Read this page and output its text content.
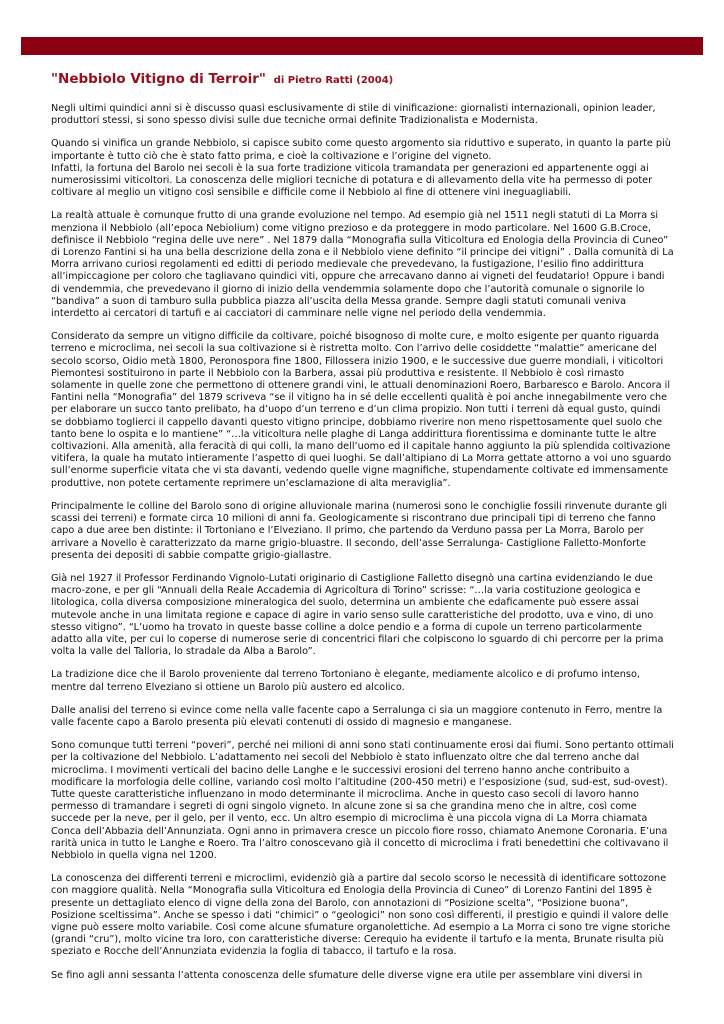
"Nebbiolo Vitigno di Terroir" di Pietro Ratti (2004)

Negli ultimi quindici anni si è discusso quasi esclusivamente di stile di vinificazione: giornalisti internazionali, opinion leader, produttori stessi, si sono spesso divisi sulle due tecniche ormai definite Tradizionalista e Modernista.

Quando si vinifica un grande Nebbiolo, si capisce subito come questo argomento sia riduttivo e superato, in quanto la parte più importante è tutto ciò che è stato fatto prima, e cioè la coltivazione e l’origine del vigneto.
Infatti, la fortuna del Barolo nei secoli è la sua forte tradizione viticola tramandata per generazioni ed appartenente oggi ai numerosissimi viticoltori. La conoscenza delle migliori tecniche di potatura e di allevamento della vite ha permesso di poter coltivare al meglio un vitigno così sensibile e difficile come il Nebbiolo al fine di ottenere vini ineguagliabili.

La realtà attuale è comunque frutto di una grande evoluzione nel tempo. Ad esempio già nel 1511 negli statuti di La Morra si menziona il Nebbiolo (all’epoca Nebiolium) come vitigno prezioso e da proteggere in modo particolare. Nel 1600 G.B.Croce, definisce il Nebbiolo “regina delle uve nere” . Nel 1879 dalla “Monografia sulla Viticoltura ed Enologia della Provincia di Cuneo” di Lorenzo Fantini si ha una bella descrizione della zona e il Nebbiolo viene definito “il principe dei vitigni” . Dalla comunità di La Morra arrivano curiosi regolamenti ed editti di periodo medievale che prevedevano, la fustigazione, l’esilio fino addirittura all’impiccagione per coloro che tagliavano quindici viti, oppure che arrecavano danno ai vigneti del feudatario! Oppure i bandi di vendemmia, che prevedevano il giorno di inizio della vendemmia solamente dopo che l’autorità comunale o signorile lo “bandiva” a suon di tamburo sulla pubblica piazza all’uscita della Messa grande. Sempre dagli statuti comunali veniva interdetto ai cercatori di tartufi e ai cacciatori di camminare nelle vigne nel periodo della vendemmia.

Considerato da sempre un vitigno difficile da coltivare, poiché bisognoso di molte cure, e molto esigente per quanto riguarda terreno e microclima, nei secoli la sua coltivazione si è ristretta molto. Con l’arrivo delle cosiddette “malattie” americane del secolo scorso, Oidio metà 1800, Peronospora fine 1800, Fillossera inizio 1900, e le successive due guerre mondiali, i viticoltori Piemontesi sostituirono in parte il Nebbiolo con la Barbera, assai più produttiva e resistente. Il Nebbiolo è così rimasto solamente in quelle zone che permettono di ottenere grandi vini, le attuali denominazioni Roero, Barbaresco e Barolo. Ancora il Fantini nella “Monografia” del 1879 scriveva “se il vitigno ha in sé delle eccellenti qualità è poi anche innegabilmente vero che per elaborare un succo tanto prelibato, ha d’uopo d’un terreno e d’un clima propizio. Non tutti i terreni dà equal gusto, quindi se dobbiamo toglierci il cappello davanti questo vitigno principe, dobbiamo riverire non meno rispettosamente quel suolo che tanto bene lo ospita e lo mantiene” “…la viticoltura nelle plaghe di Langa addirittura fiorentissima e dominante tutte le altre coltivazioni. Alla amenità, alla feracità di qui colli, la mano dell’uomo ed il capitale hanno aggiunto la più splendida coltivazione vitifera, la quale ha mutato intieramente l’aspetto di quei luoghi. Se dall’altipiano di La Morra gettate attorno a voi uno sguardo sull’enorme superficie vitata che vi sta davanti, vedendo quelle vigne magnifiche, stupendamente coltivate ed immensamente produttive, non potete certamente reprimere un’esclamazione di alta meraviglia”.

Principalmente le colline del Barolo sono di origine alluvionale marina (numerosi sono le conchiglie fossili rinvenute durante gli scassi dei terreni) e formate circa 10 milioni di anni fa. Geologicamente si riscontrano due principali tipi di terreno che fanno capo a due aree ben distinte: il Tortoniano e l’Elveziano. Il primo, che partendo da Verduno passa per La Morra, Barolo per arrivare a Novello è caratterizzato da marne grigio-bluastre. Il secondo, dell’asse Serralunga- Castiglione Falletto-Monforte presenta dei depositi di sabbie compatte grigio-giallastre.

Già nel 1927 il Professor Ferdinando Vignolo-Lutati originario di Castiglione Falletto disegnò una cartina evidenziando le due macro-zone, e per gli “Annuali della Reale Accademia di Agricoltura di Torino” scrisse: “…la varia costituzione geologica e litologica, colla diversa composizione mineralogica del suolo, determina un ambiente che edaficamente può essere assai mutevole anche in una limitata regione e capace di agire in vario senso sulle caratteristiche del prodotto, uva e vino, di uno stesso vitigno”. “L’uomo ha trovato in queste basse colline a dolce pendio e a forma di cupole un terreno particolarmente adatto alla vite, per cui lo coperse di numerose serie di concentrici filari che colpiscono lo sguardo di chi percorre per la prima volta la valle del Talloria, lo stradale da Alba a Barolo”.

La tradizione dice che il Barolo proveniente dal terreno Tortoniano è elegante, mediamente alcolico e di profumo intenso, mentre dal terreno Elveziano si ottiene un Barolo più austero ed alcolico.

Dalle analisi del terreno si evince come nella valle facente capo a Serralunga ci sia un maggiore contenuto in Ferro, mentre la valle facente capo a Barolo presenta più elevati contenuti di ossido di magnesio e manganese.

Sono comunque tutti terreni “poveri”, perché nei milioni di anni sono stati continuamente erosi dai fiumi. Sono pertanto ottimali per la coltivazione del Nebbiolo. L’adattamento nei secoli del Nebbiolo è stato influenzato oltre che dal terreno anche dal microclima. I movimenti verticali del bacino delle Langhe e le successivi erosioni del terreno hanno anche contribuito a modificare la morfologia delle colline, variando così molto l’altitudine (200-450 metri) e l’esposizione (sud, sud-est, sud-ovest). Tutte queste caratteristiche influenzano in modo determinante il microclima. Anche in questo caso secoli di lavoro hanno permesso di tramandare i segreti di ogni singolo vigneto. In alcune zone si sa che grandina meno che in altre, così come succede per la neve, per il gelo, per il vento, ecc. Un altro esempio di microclima è una piccola vigna di La Morra chiamata Conca dell’Abbazia dell’Annunziata. Ogni anno in primavera cresce un piccolo fiore rosso, chiamato Anemone Coronaria. E’una rarità unica in tutto le Langhe e Roero. Tra l’altro conoscevano già il concetto di microclima i frati benedettini che coltivavano il Nebbiolo in quella vigna nel 1200.

La conoscenza dei differenti terreni e microclimi, evidenziò già a partire dal secolo scorso le necessità di identificare sottozone con maggiore qualità. Nella “Monografia sulla Viticoltura ed Enologia della Provincia di Cuneo” di Lorenzo Fantini del 1895 è presente un dettagliato elenco di vigne della zona del Barolo, con annotazioni di “Posizione scelta”, “Posizione buona”, Posizione sceltissima”. Anche se spesso i dati “chimici” o “geologici” non sono così differenti, il prestigio e quindi il valore delle vigne può essere molto variabile. Così come alcune sfumature organolettiche. Ad esempio a La Morra ci sono tre vigne storiche (grandi “cru”), molto vicine tra loro, con caratteristiche diverse: Cerequio ha evidente il tartufo e la menta, Brunate risulta più speziato e Rocche dell’Annunziata evidenzia la foglia di tabacco, il tartufo e la rosa.

Se fino agli anni sessanta l’attenta conoscenza delle sfumature delle diverse vigne era utile per assemblare vini diversi in
